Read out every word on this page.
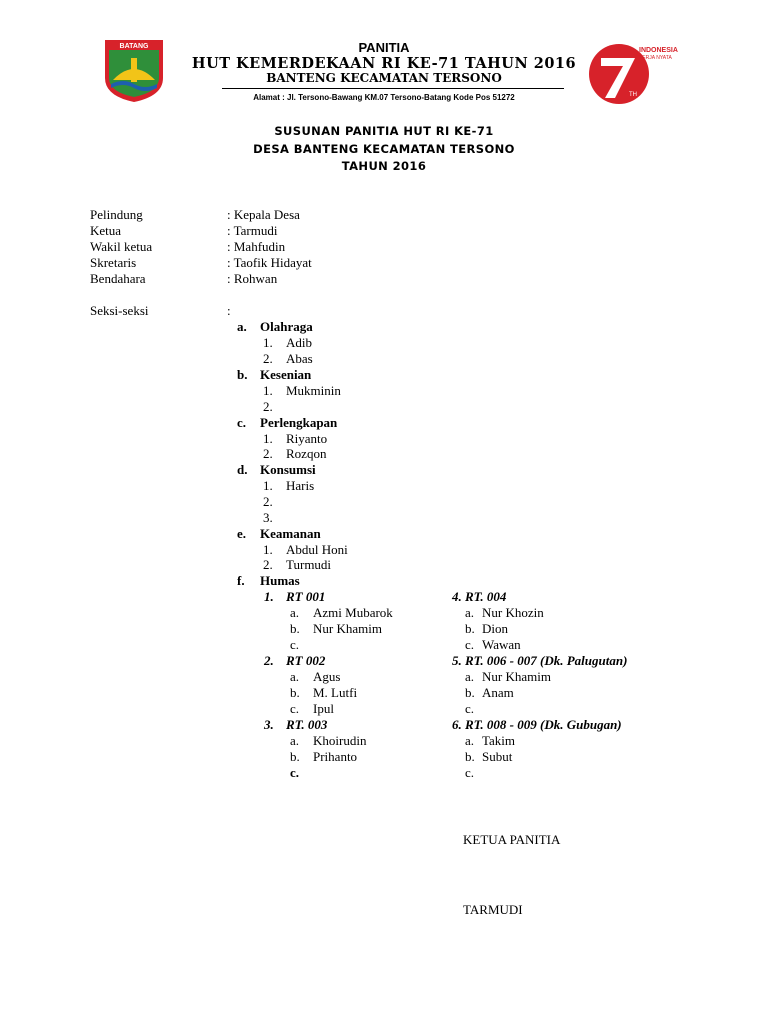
BATANG
INDONESIA
KERJA NYATA
TH
PANITIA
HUT KEMERDEKAAN RI KE-71 TAHUN 2016
BANTENG KECAMATAN TERSONO
Alamat : Jl. Tersono-Bawang KM.07 Tersono-Batang Kode Pos 51272
SUSUNAN PANITIA HUT RI KE-71
DESA BANTENG KECAMATAN TERSONO
TAHUN 2016
Pelindung	: Kepala Desa
Ketua	: Tarmudi
Wakil ketua	: Mahfudin
Skretaris	: Taofik Hidayat
Bendahara	: Rohwan
Seksi-seksi	:
a. Olahraga
1. Adib
2. Abas
b. Kesenian
1. Mukminin
2.
c. Perlengkapan
1. Riyanto
2. Rozqon
d. Konsumsi
1. Haris
2.
3.
e. Keamanan
1. Abdul Honi
2. Turmudi
f. Humas
1. RT 001
a. Azmi Mubarok
b. Nur Khamim
c.
2. RT 002
a. Agus
b. M. Lutfi
c. Ipul
3. RT. 003
a. Khoirudin
b. Prihanto
c.
4. RT. 004
a. Nur Khozin
b. Dion
c. Wawan
5. RT. 006 - 007 (Dk. Palugutan)
a. Nur Khamim
b. Anam
c.
6. RT. 008 - 009 (Dk. Gubugan)
a. Takim
b. Subut
c.
KETUA PANITIA
TARMUDI
